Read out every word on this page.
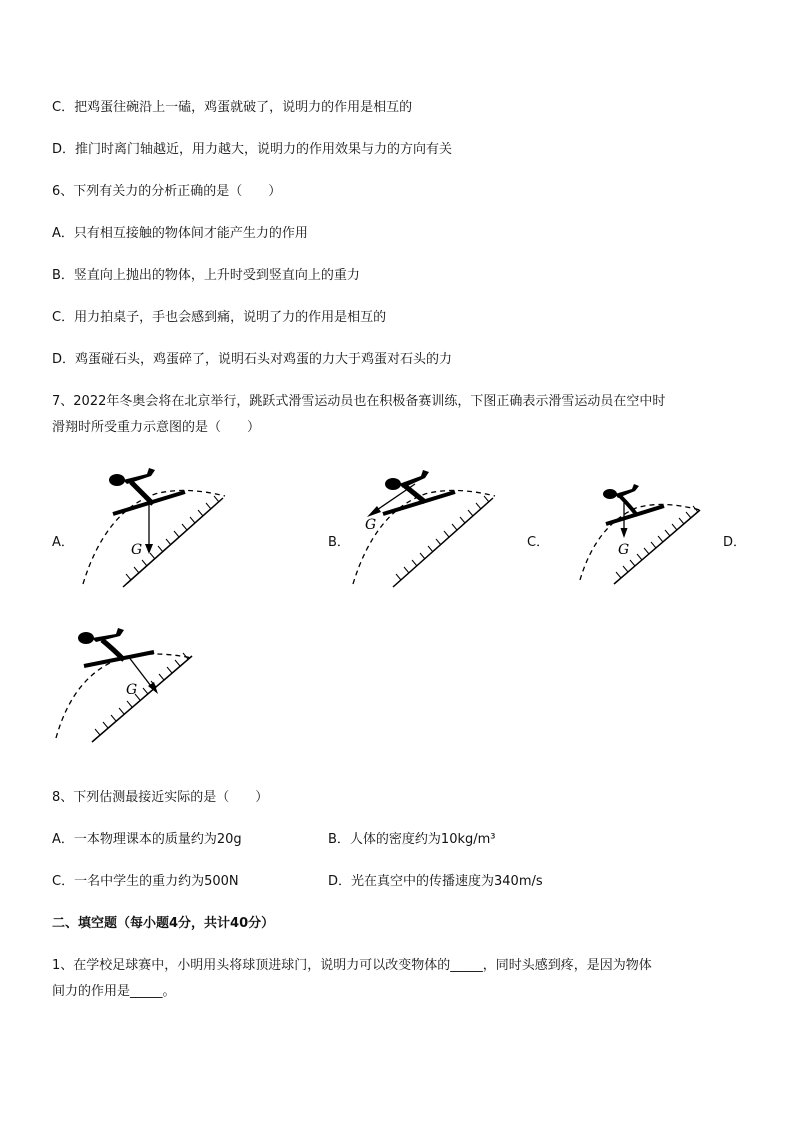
C．把鸡蛋往碗沿上一磕，鸡蛋就破了，说明力的作用是相互的
D．推门时离门轴越近，用力越大，说明力的作用效果与力的方向有关
6、下列有关力的分析正确的是（　　）
A．只有相互接触的物体间才能产生力的作用
B．竖直向上抛出的物体，上升时受到竖直向上的重力
C．用力拍桌子，手也会感到痛，说明了力的作用是相互的
D．鸡蛋碰石头，鸡蛋碎了，说明石头对鸡蛋的力大于鸡蛋对石头的力
7、2022年冬奥会将在北京举行，跳跃式滑雪运动员也在积极备赛训练，下图正确表示滑雪运动员在空中时
滑翔时所受重力示意图的是（　　）
A．	G	B．
G
C．	G	D．
G
8、下列估测最接近实际的是（　　）
A．一本物理课本的质量约为20g	B．人体的密度约为10kg/m³
C．一名中学生的重力约为500N	D．光在真空中的传播速度为340m/s
二、填空题（每小题4分，共计40分）
1、在学校足球赛中，小明用头将球顶进球门，说明力可以改变物体的_____，同时头感到疼，是因为物体
间力的作用是_____。
